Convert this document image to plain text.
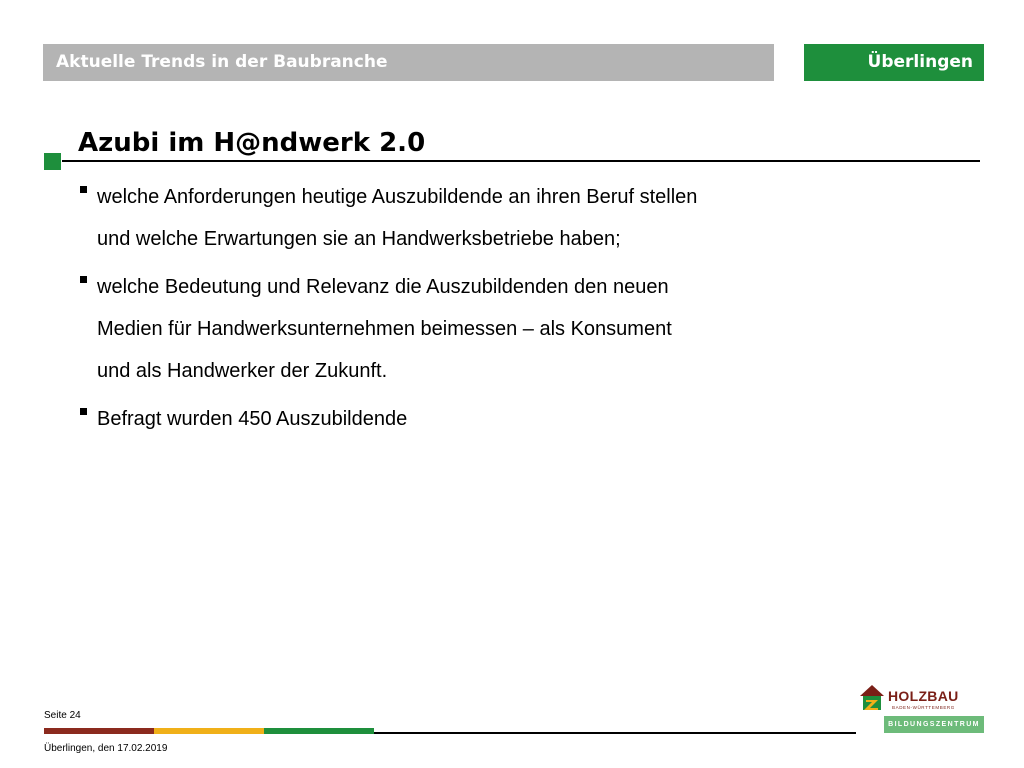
Aktuelle Trends in der Baubranche	Überlingen
Azubi im H@ndwerk 2.0
welche Anforderungen heutige Auszubildende an ihren Beruf stellen
und welche Erwartungen sie an Handwerksbetriebe haben;
welche Bedeutung und Relevanz die Auszubildenden den neuen
Medien für Handwerksunternehmen beimessen – als Konsument
und als Handwerker der Zukunft.
Befragt wurden 450 Auszubildende
Seite 24
Überlingen, den 17.02.2019
HOLZBAU
BADEN-WÜRTTEMBERG
BILDUNGSZENTRUM
